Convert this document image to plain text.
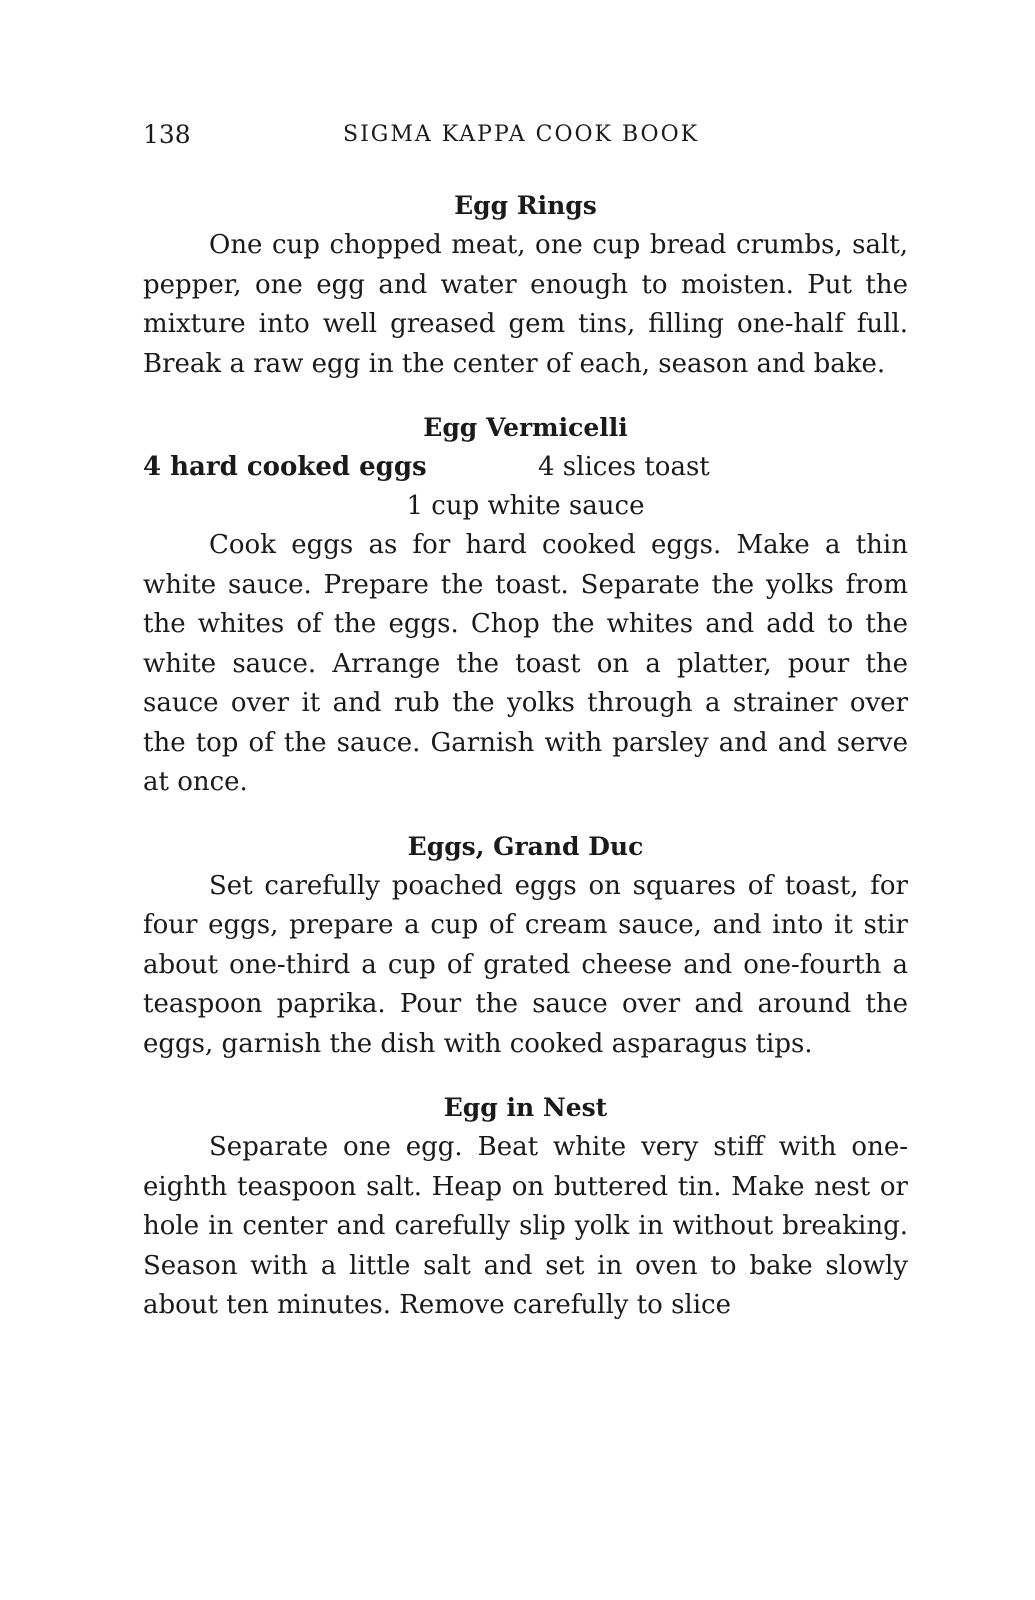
138	SIGMA KAPPA COOK BOOK
Egg Rings

One cup chopped meat, one cup bread crumbs, salt, pepper, one egg and water enough to moisten. Put the mixture into well greased gem tins, filling one-half full. Break a raw egg in the center of each, season and bake.

Egg Vermicelli
4 hard cooked eggs	4 slices toast
1 cup white sauce

Cook eggs as for hard cooked eggs. Make a thin white sauce. Prepare the toast. Separate the yolks from the whites of the eggs. Chop the whites and add to the white sauce. Arrange the toast on a platter, pour the sauce over it and rub the yolks through a strainer over the top of the sauce. Garnish with parsley and and serve at once.

Eggs, Grand Duc

Set carefully poached eggs on squares of toast, for four eggs, prepare a cup of cream sauce, and into it stir about one-third a cup of grated cheese and one-fourth a teaspoon paprika. Pour the sauce over and around the eggs, garnish the dish with cooked asparagus tips.

Egg in Nest

Separate one egg. Beat white very stiff with one-eighth teaspoon salt. Heap on buttered tin. Make nest or hole in center and carefully slip yolk in without breaking. Season with a little salt and set in oven to bake slowly about ten minutes. Remove carefully to slice
